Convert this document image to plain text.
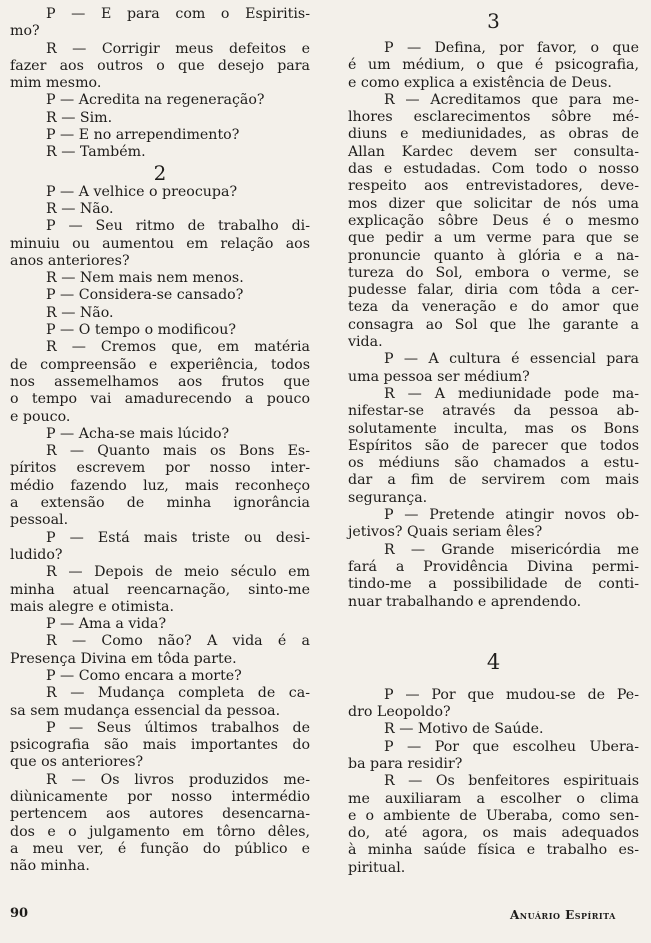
P — E para com o Espiritis-
mo?
R — Corrigir meus defeitos e
fazer aos outros o que desejo para
mim mesmo.
P — Acredita na regeneração?
R — Sim.
P — E no arrependimento?
R — Também.
2
P — A velhice o preocupa?
R — Não.
P — Seu ritmo de trabalho di-
minuiu ou aumentou em relação aos
anos anteriores?
R — Nem mais nem menos.
P — Considera-se cansado?
R — Não.
P — O tempo o modificou?
R — Cremos que, em matéria
de compreensão e experiência, todos
nos assemelhamos aos frutos que
o tempo vai amadurecendo a pouco
e pouco.
P — Acha-se mais lúcido?
R — Quanto mais os Bons Es-
píritos escrevem por nosso inter-
médio fazendo luz, mais reconheço
a extensão de minha ignorância
pessoal.
P — Está mais triste ou desi-
ludido?
R — Depois de meio século em
minha atual reencarnação, sinto-me
mais alegre e otimista.
P — Ama a vida?
R — Como não? A vida é a
Presença Divina em tôda parte.
P — Como encara a morte?
R — Mudança completa de ca-
sa sem mudança essencial da pessoa.
P — Seus últimos trabalhos de
psicografia são mais importantes do
que os anteriores?
R — Os livros produzidos me-
diùnicamente por nosso intermédio
pertencem aos autores desencarna-
dos e o julgamento em tôrno dêles,
a meu ver, é função do público e
não minha.
3
P — Defina, por favor, o que
é um médium, o que é psicografia,
e como explica a existência de Deus.
R — Acreditamos que para me-
lhores esclarecimentos sôbre mé-
diuns e mediunidades, as obras de
Allan Kardec devem ser consulta-
das e estudadas. Com todo o nosso
respeito aos entrevistadores, deve-
mos dizer que solicitar de nós uma
explicação sôbre Deus é o mesmo
que pedir a um verme para que se
pronuncie quanto à glória e a na-
tureza do Sol, embora o verme, se
pudesse falar, diria com tôda a cer-
teza da veneração e do amor que
consagra ao Sol que lhe garante a
vida.
P — A cultura é essencial para
uma pessoa ser médium?
R — A mediunidade pode ma-
nifestar-se através da pessoa ab-
solutamente inculta, mas os Bons
Espíritos são de parecer que todos
os médiuns são chamados a estu-
dar a fim de servirem com mais
segurança.
P — Pretende atingir novos ob-
jetivos? Quais seriam êles?
R — Grande misericórdia me
fará a Providência Divina permi-
tindo-me a possibilidade de conti-
nuar trabalhando e aprendendo.
4
P — Por que mudou-se de Pe-
dro Leopoldo?
R — Motivo de Saúde.
P — Por que escolheu Ubera-
ba para residir?
R — Os benfeitores espirituais
me auxiliaram a escolher o clima
e o ambiente de Uberaba, como sen-
do, até agora, os mais adequados
à minha saúde física e trabalho es-
piritual.
90	Anuário Espírita
